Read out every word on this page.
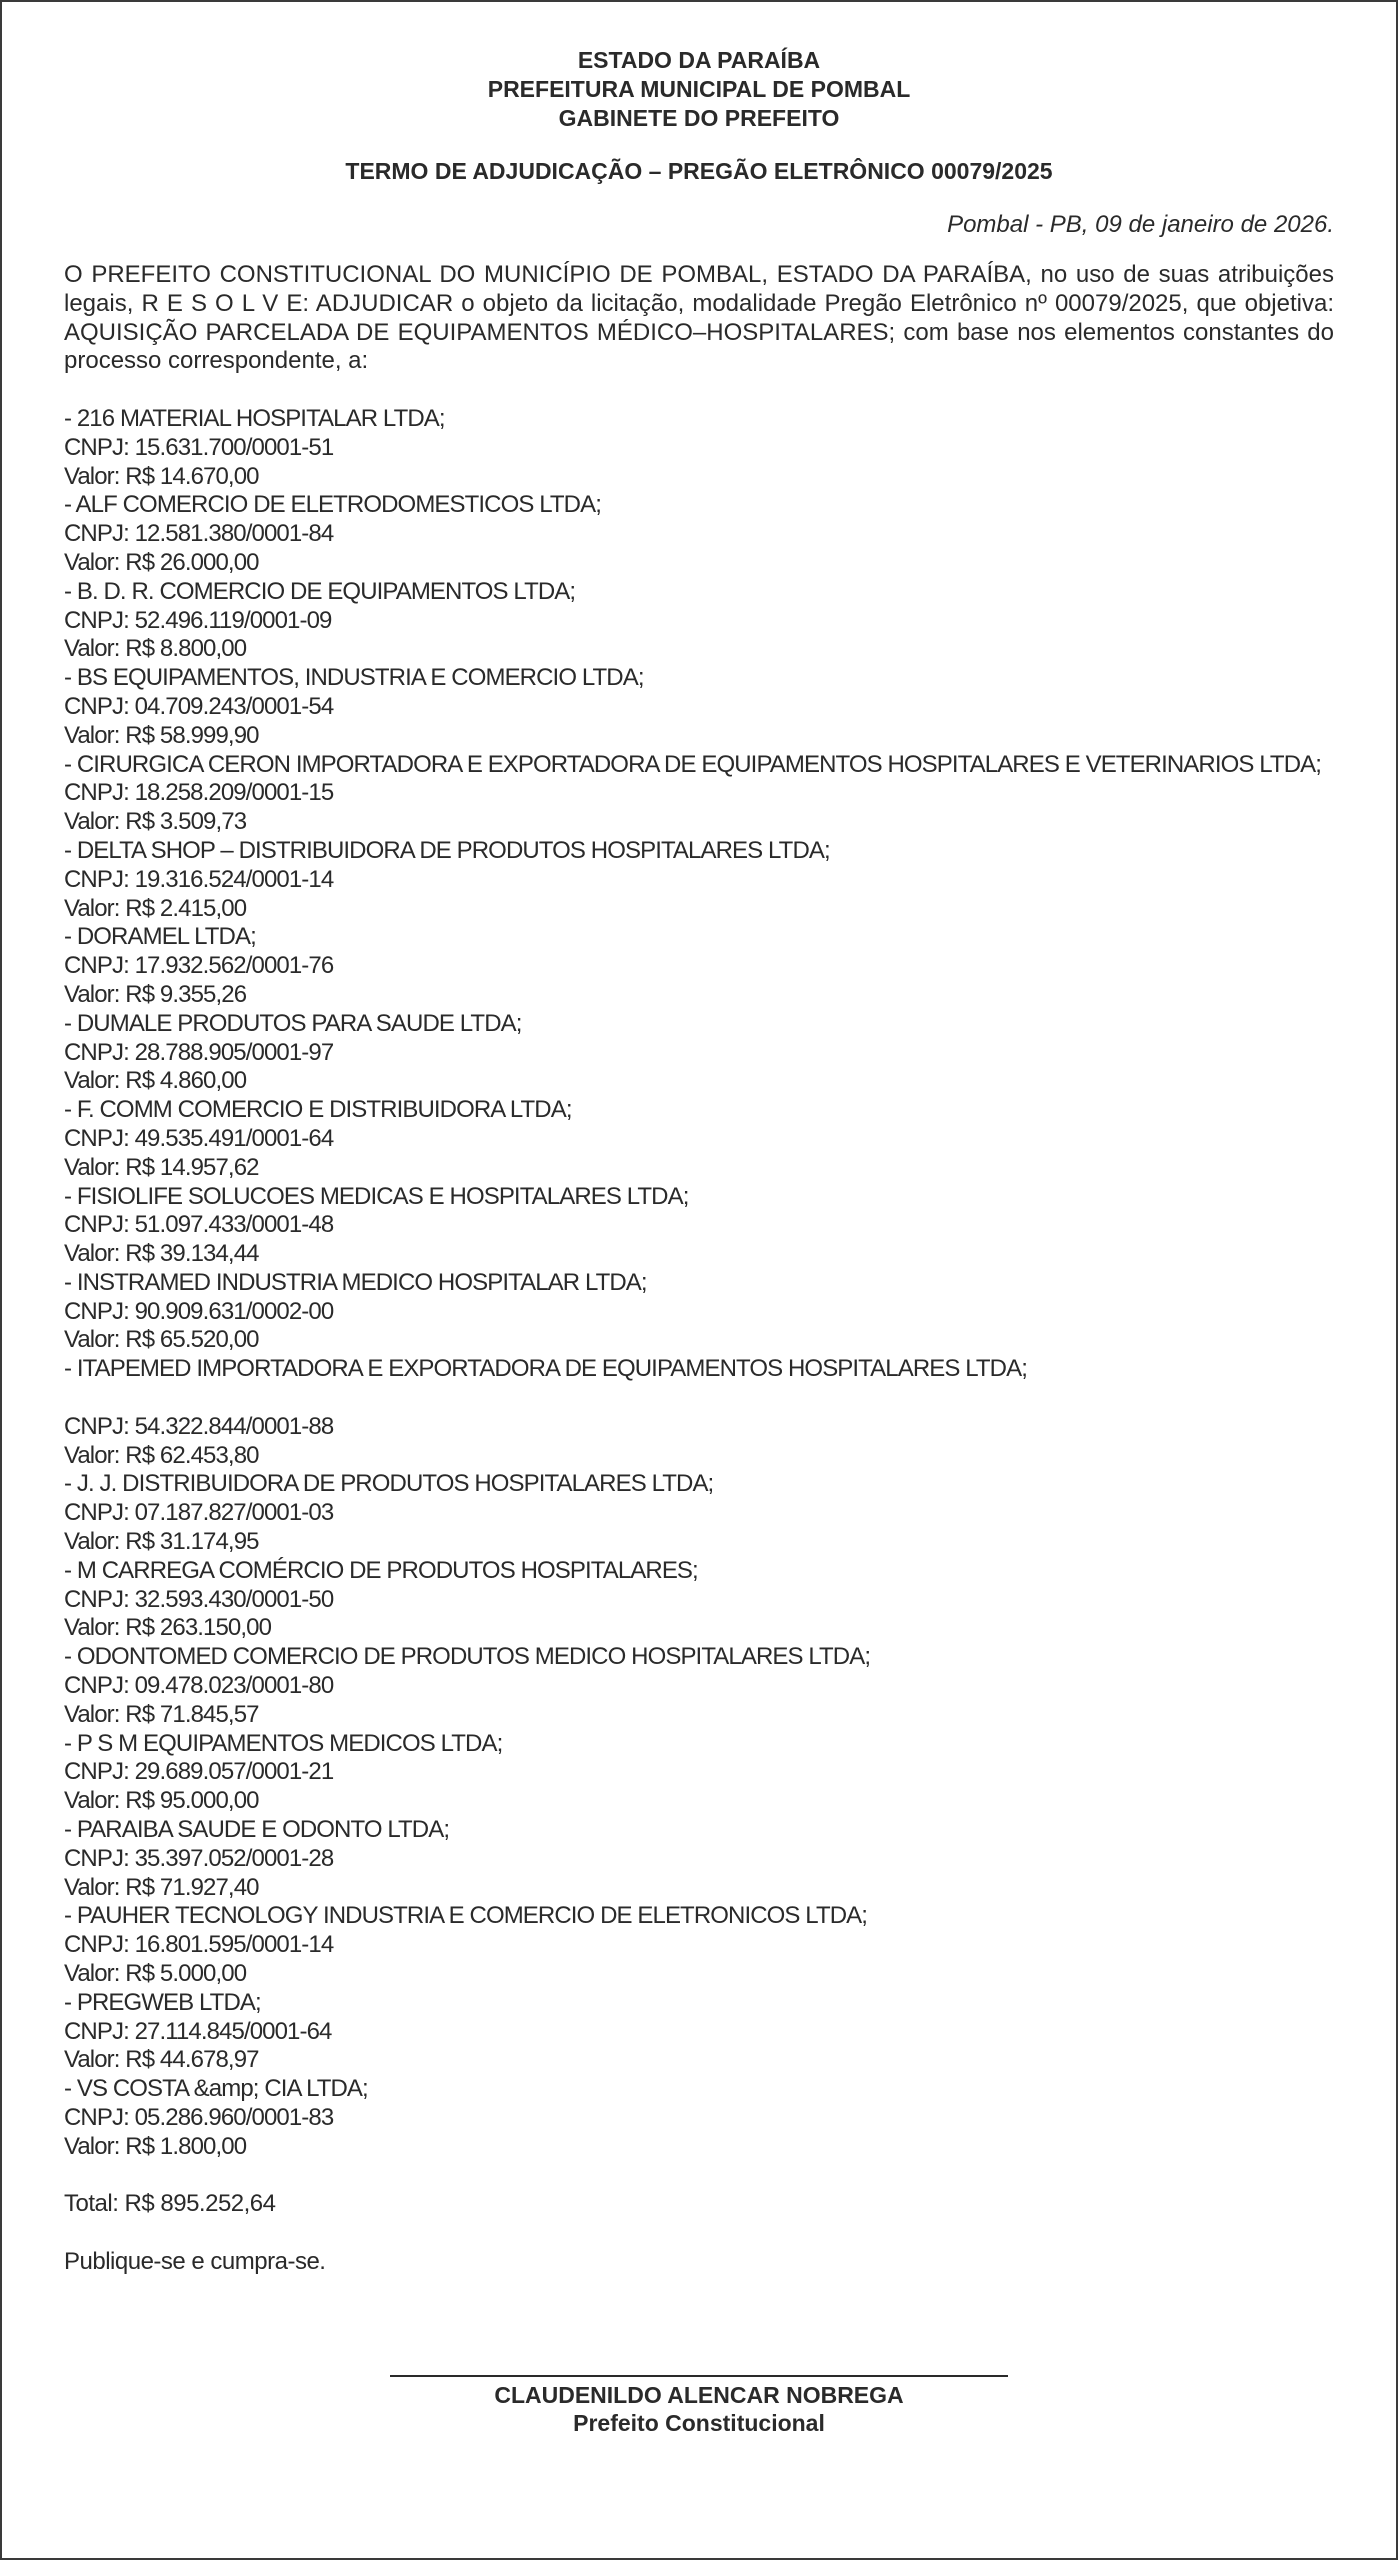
ESTADO DA PARAÍBA
PREFEITURA MUNICIPAL DE POMBAL
GABINETE DO PREFEITO
TERMO DE ADJUDICAÇÃO – PREGÃO ELETRÔNICO 00079/2025
Pombal - PB, 09 de janeiro de 2026.
O PREFEITO CONSTITUCIONAL DO MUNICÍPIO DE POMBAL, ESTADO DA PARAÍBA, no uso de suas atribuições legais, R E S O L V E: ADJUDICAR o objeto da licitação, modalidade Pregão Eletrônico nº 00079/2025, que objetiva: AQUISIÇÃO PARCELADA DE EQUIPAMENTOS MÉDICO–HOSPITALARES; com base nos elementos constantes do processo correspondente, a:
- 216 MATERIAL HOSPITALAR LTDA;
CNPJ: 15.631.700/0001-51
Valor: R$ 14.670,00
- ALF COMERCIO DE ELETRODOMESTICOS LTDA;
CNPJ: 12.581.380/0001-84
Valor: R$ 26.000,00
- B. D. R. COMERCIO DE EQUIPAMENTOS LTDA;
CNPJ: 52.496.119/0001-09
Valor: R$ 8.800,00
- BS EQUIPAMENTOS, INDUSTRIA E COMERCIO LTDA;
CNPJ: 04.709.243/0001-54
Valor: R$ 58.999,90
- CIRURGICA CERON IMPORTADORA E EXPORTADORA DE EQUIPAMENTOS HOSPITALARES E VETERINARIOS LTDA;
CNPJ: 18.258.209/0001-15
Valor: R$ 3.509,73
- DELTA SHOP – DISTRIBUIDORA DE PRODUTOS HOSPITALARES LTDA;
CNPJ: 19.316.524/0001-14
Valor: R$ 2.415,00
- DORAMEL LTDA;
CNPJ: 17.932.562/0001-76
Valor: R$ 9.355,26
- DUMALE PRODUTOS PARA SAUDE LTDA;
CNPJ: 28.788.905/0001-97
Valor: R$ 4.860,00
- F. COMM COMERCIO E DISTRIBUIDORA LTDA;
CNPJ: 49.535.491/0001-64
Valor: R$ 14.957,62
- FISIOLIFE SOLUCOES MEDICAS E HOSPITALARES LTDA;
CNPJ: 51.097.433/0001-48
Valor: R$ 39.134,44
- INSTRAMED INDUSTRIA MEDICO HOSPITALAR LTDA;
CNPJ: 90.909.631/0002-00
Valor: R$ 65.520,00
- ITAPEMED IMPORTADORA E EXPORTADORA DE EQUIPAMENTOS HOSPITALARES LTDA;
CNPJ: 54.322.844/0001-88
Valor: R$ 62.453,80
- J. J. DISTRIBUIDORA DE PRODUTOS HOSPITALARES LTDA;
CNPJ: 07.187.827/0001-03
Valor: R$ 31.174,95
- M CARREGA COMÉRCIO DE PRODUTOS HOSPITALARES;
CNPJ: 32.593.430/0001-50
Valor: R$ 263.150,00
- ODONTOMED COMERCIO DE PRODUTOS MEDICO HOSPITALARES LTDA;
CNPJ: 09.478.023/0001-80
Valor: R$ 71.845,57
- P S M EQUIPAMENTOS MEDICOS LTDA;
CNPJ: 29.689.057/0001-21
Valor: R$ 95.000,00
- PARAIBA SAUDE E ODONTO LTDA;
CNPJ: 35.397.052/0001-28
Valor: R$ 71.927,40
- PAUHER TECNOLOGY INDUSTRIA E COMERCIO DE ELETRONICOS LTDA;
CNPJ: 16.801.595/0001-14
Valor: R$ 5.000,00
- PREGWEB LTDA;
CNPJ: 27.114.845/0001-64
Valor: R$ 44.678,97
- VS COSTA &amp; CIA LTDA;
CNPJ: 05.286.960/0001-83
Valor: R$ 1.800,00
Total: R$ 895.252,64
Publique-se e cumpra-se.
CLAUDENILDO ALENCAR NOBREGA
Prefeito Constitucional
